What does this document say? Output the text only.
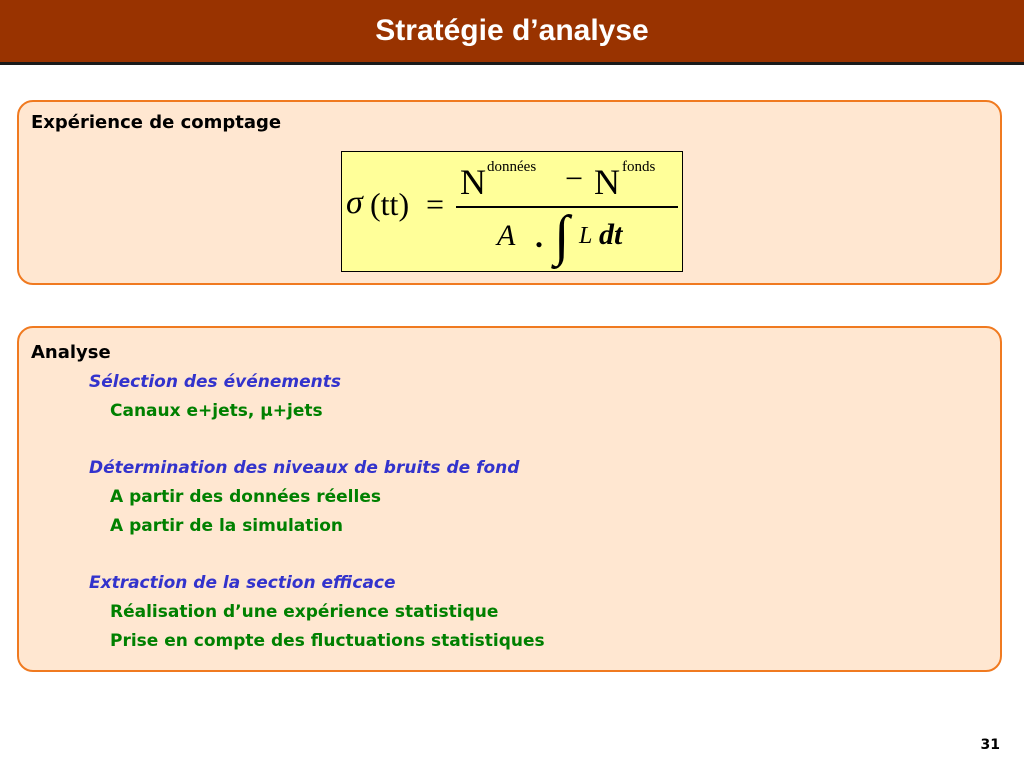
Stratégie d’analyse
Expérience de comptage
σ (tt) =
N données − N fonds
A . ∫ L dt
Analyse
Sélection des événements
Canaux e+jets, μ+jets
Détermination des niveaux de bruits de fond
A partir des données réelles
A partir de la simulation
Extraction de la section efficace
Réalisation d’une expérience statistique
Prise en compte des fluctuations statistiques
31
